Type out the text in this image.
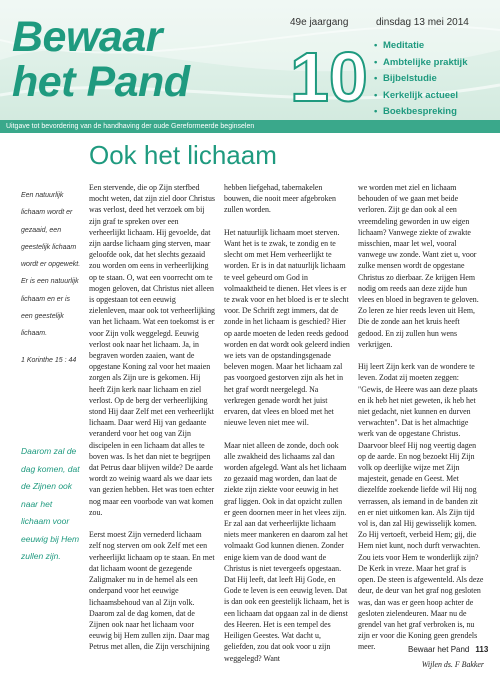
Bewaar
het Pand
49e jaargang	dinsdag 13 mei 2014
10 • Meditatie
• Ambtelijke praktijk
• Bijbelstudie
• Kerkelijk actueel
• Boekbespreking
Uitgave tot bevordering van de handhaving der oude Gereformeerde beginselen
Ook het lichaam
Een natuurlijk lichaam wordt er gezaaid, een geestelijk lichaam wordt er opgewekt. Er is een natuurlijk lichaam en er is een geestelijk lichaam.
1 Korinthe 15 : 44
Daarom zal de dag komen, dat de Zijnen ook naar het lichaam voor eeuwig bij Hem zullen zijn.

Een stervende, die op Zijn sterfbed mocht weten, dat zijn ziel door Christus was verlost, deed het verzoek om bij zijn graf te spreken over een verheerlijkt lichaam. Hij gevoelde, dat zijn aardse lichaam ging sterven, maar geloofde ook, dat het slechts gezaaid zou worden om eens in verheerlijking op te staan. O, wat een voorrecht om te mogen geloven, dat Christus niet alleen is opgestaan tot een eeuwig zielenleven, maar ook tot verheerlijking van het lichaam. Wat een toekomst is er voor Zijn volk weggelegd. Eeuwig verlost ook naar het lichaam. Ja, in begraven worden zaaien, want de opgestane Koning zal voor het maaien zorgen als Zijn ure is gekomen. Hij heeft Zijn kerk naar lichaam en ziel verlost. Op de berg der verheerlijking stond Hij daar Zelf met een verheerlijkt lichaam. Daar werd Hij van gedaante veranderd voor het oog van Zijn discipelen in een lichaam dat alles te boven was. Is het dan niet te begrijpen dat Petrus daar blijven wilde? De aarde wordt zo weinig waard als we daar iets van gezien hebben. Het was toen echter nog maar een voorbode van wat komen zou.

Eerst moest Zijn vernederd lichaam zelf nog sterven om ook Zelf met een verheerlijkt lichaam op te staan. En met dat lichaam woont de gezegende Zaligmaker nu in de hemel als een onderpand voor het eeuwige lichaamsbehoud van al Zijn volk. Daarom zal de dag komen, dat de Zijnen ook naar het lichaam voor eeuwig bij Hem zullen zijn. Daar mag Petrus met allen, die Zijn verschijning

hebben liefgehad, tabernakelen bouwen, die nooit meer afgebroken zullen worden.

Het natuurlijk lichaam moet sterven. Want het is te zwak, te zondig en te slecht om met Hem verheerlijkt te worden. Er is in dat natuurlijk lichaam te veel gebeurd om God in volmaaktheid te dienen. Het vlees is er te zwak voor en het bloed is er te slecht voor. De Schrift zegt immers, dat de zonde in het lichaam is geschied? Hier op aarde moeten de leden reeds gedood worden en dat wordt ook geleerd indien we iets van de opstandingsgenade beleven mogen. Maar het lichaam zal pas voorgoed gestorven zijn als het in het graf wordt neergelegd. Na verkregen genade wordt het juist ervaren, dat vlees en bloed met het nieuwe leven niet mee wil.

Maar niet alleen de zonde, doch ook alle zwakheid des lichaams zal dan worden afgelegd. Want als het lichaam zo gezaaid mag worden, dan laat de ziekte zijn ziekte voor eeuwig in het graf liggen. Ook in dat opzicht zullen er geen doornen meer in het vlees zijn. Er zal aan dat verheerlijkte lichaam niets meer mankeren en daarom zal het volmaakt God kunnen dienen. Zonder enige kiem van de dood want de Christus is niet tevergeefs opgestaan. Dat Hij leeft, dat leeft Hij Gode, en Gode te leven is een eeuwig leven. Dat is dan ook een geestelijk lichaam, het is een lichaam dat opgaan zal in de dienst des Heeren. Het is een tempel des Heiligen Geestes. Wat dacht u, geliefden, zou dat ook voor u zijn weggelegd? Want

we worden met ziel en lichaam behouden of we gaan met beide verloren. Zijt ge dan ook al een vreemdeling geworden in uw eigen lichaam? Vanwege ziekte of zwakte misschien, maar let wel, vooral vanwege uw zonde. Want ziet u, voor zulke mensen wordt de opgestane Christus zo dierbaar. Ze krijgen Hem nodig om reeds aan deze zijde hun vlees en bloed in begraven te geloven. Zo leren ze hier reeds leven uit Hem, Die de zonde aan het kruis heeft gedood. En zij zullen hun wens verkrijgen.

Hij leert Zijn kerk van de wondere te leven. Zodat zij moeten zeggen: "Gewis, de Heere was aan deze plaats en ik heb het niet geweten, ik heb het niet gedacht, niet kunnen en durven verwachten". Dat is het almachtige werk van de opgestane Christus. Daarvoor bleef Hij nog veertig dagen op de aarde. En nog bezoekt Hij Zijn volk op deerlijke wijze met Zijn majesteit, genade en Geest. Met diezelfde zoekende liefde wil Hij nog verrassen, als iemand in de banden zit en er niet uitkomen kan. Als Zijn tijd vol is, dan zal Hij gewisselijk komen. Zo Hij vertoeft, verbeid Hem; gij, die Hem niet kunt, noch durft verwachten. Zou iets voor Hem te wonderlijk zijn? De Kerk in vreze. Maar het graf is open. De steen is afgewenteld. Als deze deur, de deur van het graf nog gesloten was, dan was er geen hoop achter de gesloten zielendeuren. Maar nu de grendel van het graf verbroken is, nu zijn er voor die Koning geen grendels meer.

Wijlen ds. F Bakker

Bewaar het Pand 113
